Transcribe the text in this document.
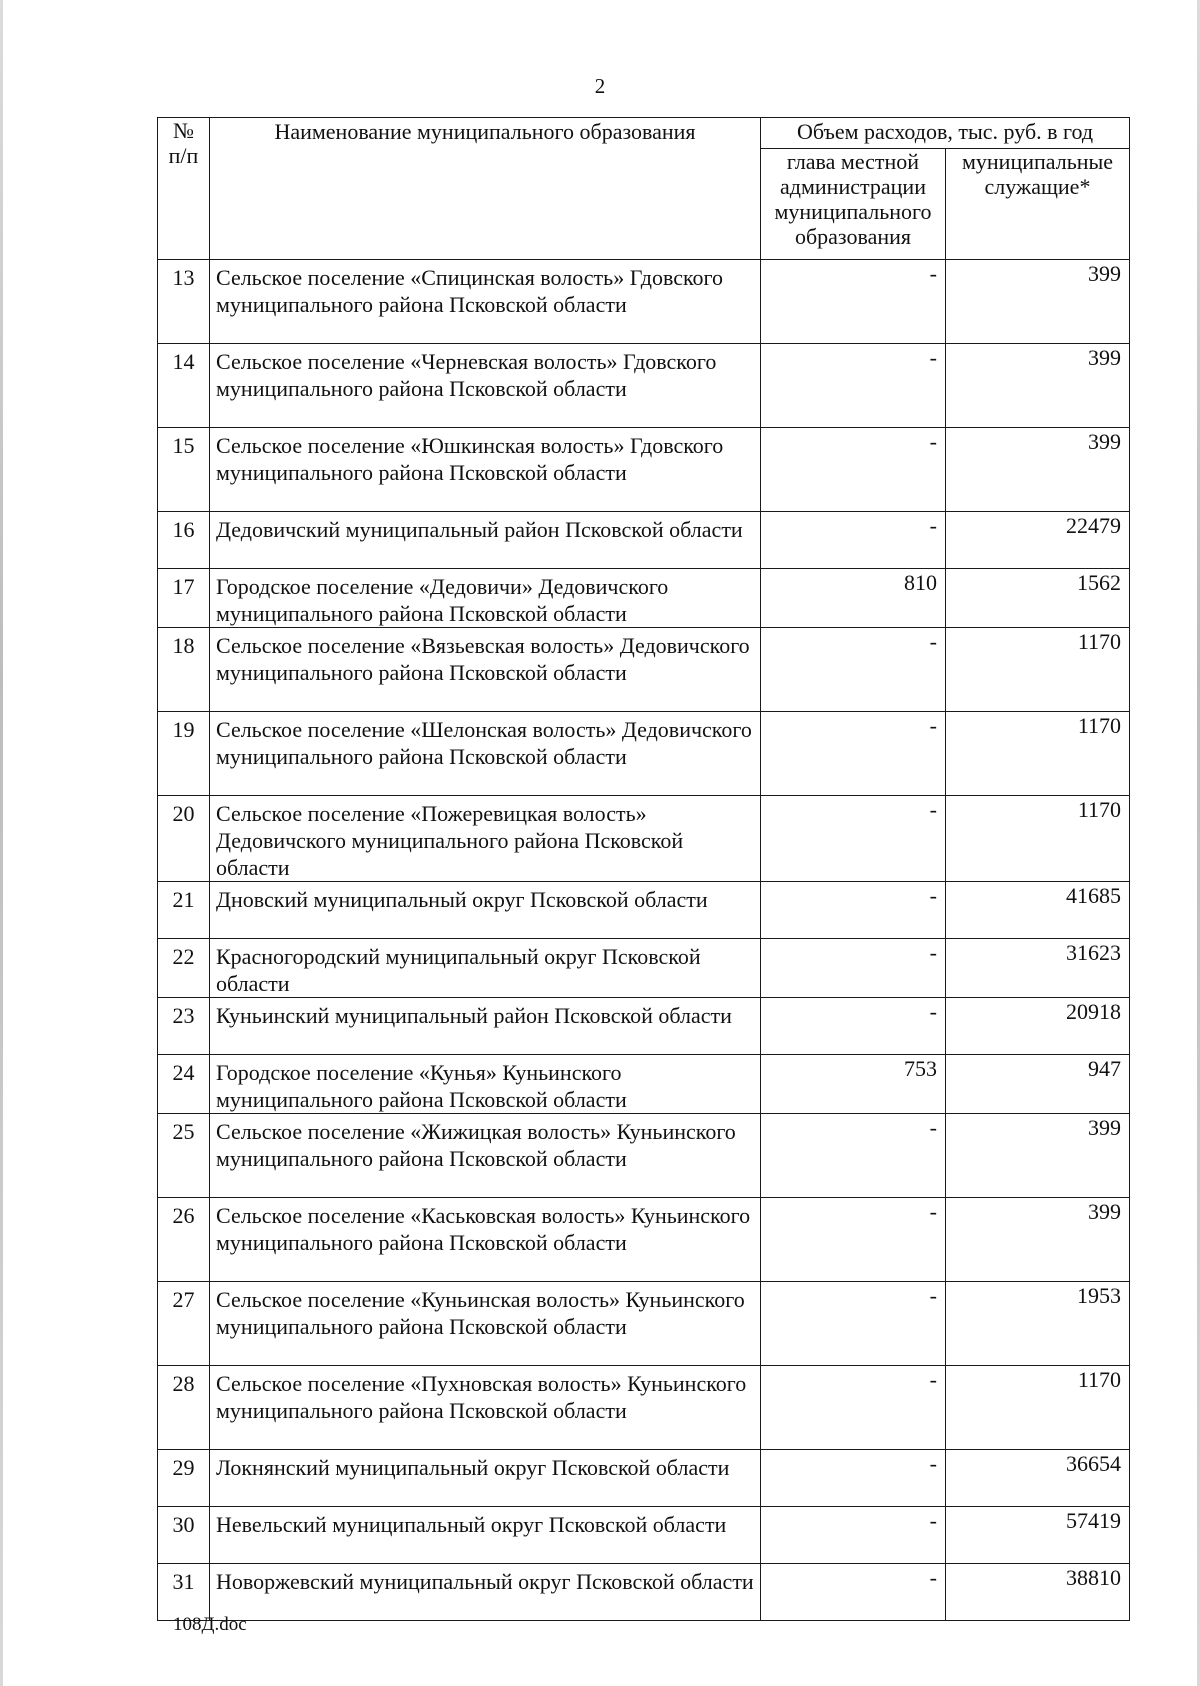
2
№ п/п	Наименование муниципального образования	Объем расходов, тыс. руб. в год	
		глава местной администрации муниципального образования	муниципальные служащие*
13	Сельское поселение «Спицинская волость» Гдовского муниципального района Псковской области	-	399
14	Сельское поселение «Черневская волость» Гдовского муниципального района Псковской области	-	399
15	Сельское поселение «Юшкинская волость» Гдовского муниципального района Псковской области	-	399
16	Дедовичский муниципальный район Псковской области	-	22479
17	Городское поселение «Дедовичи» Дедовичского муниципального района Псковской области	810	1562
18	Сельское поселение «Вязьевская волость» Дедовичского муниципального района Псковской области	-	1170
19	Сельское поселение «Шелонская волость» Дедовичского муниципального района Псковской области	-	1170
20	Сельское поселение «Пожеревицкая волость» Дедовичского муниципального района Псковской области	-	1170
21	Дновский муниципальный округ Псковской области	-	41685
22	Красногородский муниципальный округ Псковской области	-	31623
23	Куньинский муниципальный район Псковской области	-	20918
24	Городское поселение «Кунья» Куньинского муниципального района Псковской области	753	947
25	Сельское поселение «Жижицкая волость» Куньинского муниципального района Псковской области	-	399
26	Сельское поселение «Каськовская волость» Куньинского муниципального района Псковской области	-	399
27	Сельское поселение «Куньинская волость» Куньинского муниципального района Псковской области	-	1953
28	Сельское поселение «Пухновская волость» Куньинского муниципального района Псковской области	-	1170
29	Локнянский муниципальный округ Псковской области	-	36654
30	Невельский муниципальный округ Псковской области	-	57419
31	Новоржевский муниципальный округ Псковской области	-	38810
108Д.doc
